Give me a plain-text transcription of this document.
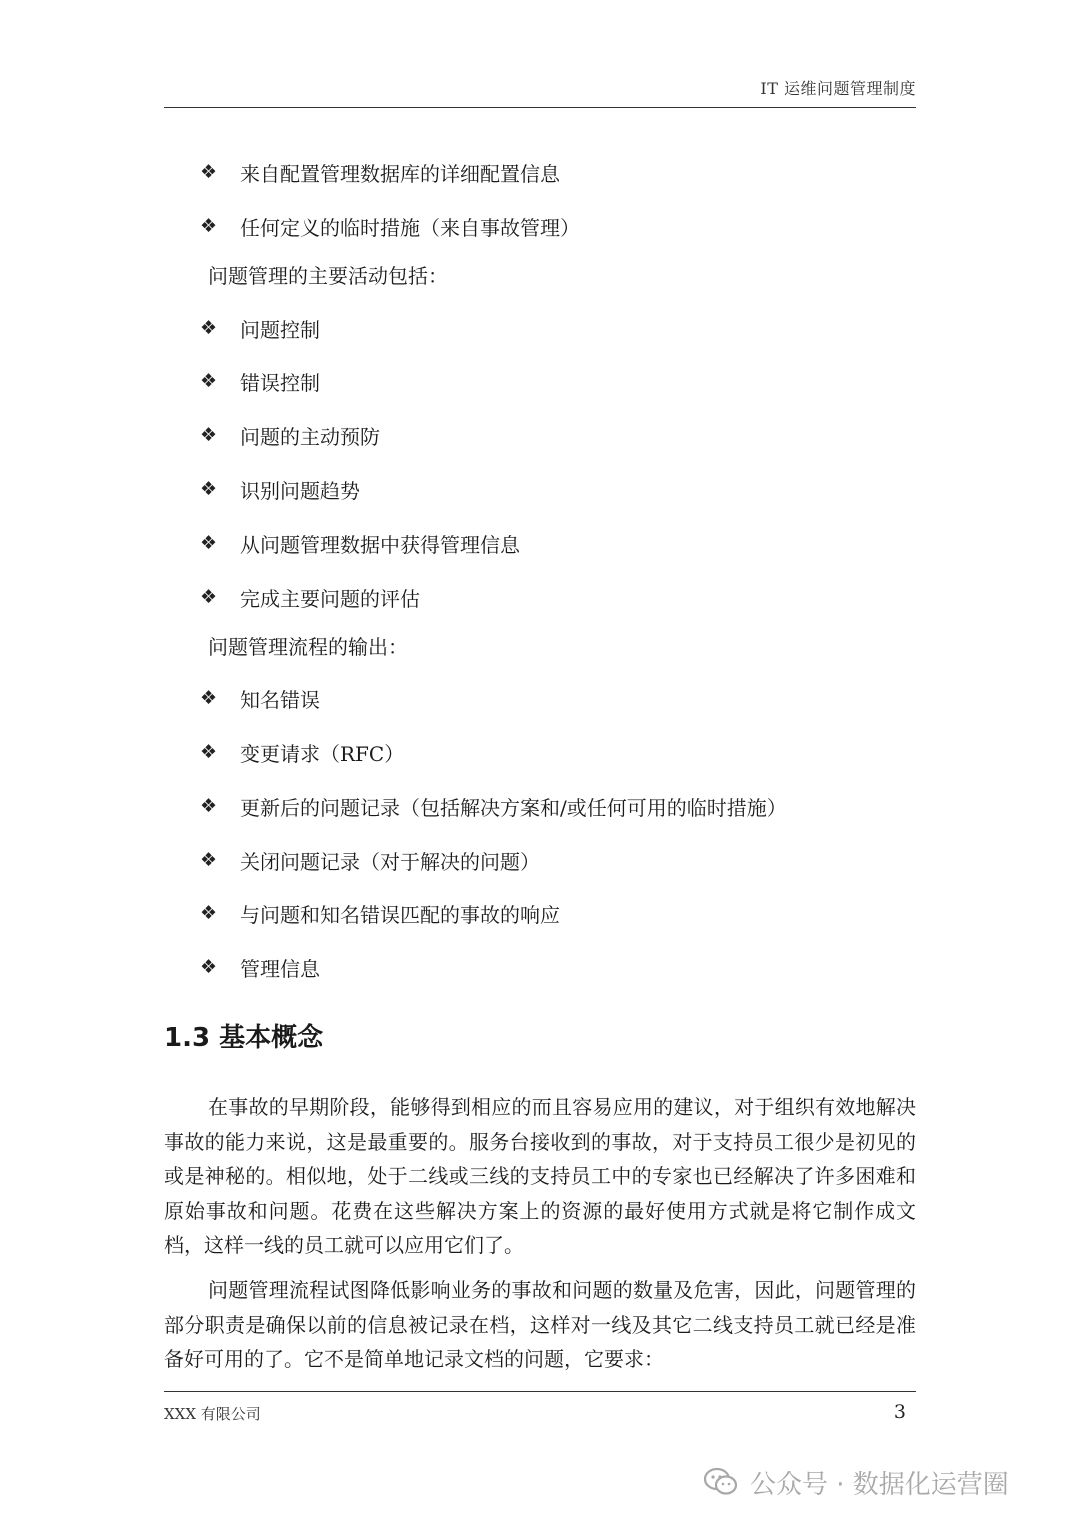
IT 运维问题管理制度
❖	来自配置管理数据库的详细配置信息
❖	任何定义的临时措施（来自事故管理）
问题管理的主要活动包括：
❖	问题控制
❖	错误控制
❖	问题的主动预防
❖	识别问题趋势
❖	从问题管理数据中获得管理信息
❖	完成主要问题的评估
问题管理流程的输出：
❖	知名错误
❖	变更请求（RFC）
❖	更新后的问题记录（包括解决方案和/或任何可用的临时措施）
❖	关闭问题记录（对于解决的问题）
❖	与问题和知名错误匹配的事故的响应
❖	管理信息
1.3 基本概念
在事故的早期阶段，能够得到相应的而且容易应用的建议，对于组织有效地解决事故的能力来说，这是最重要的。服务台接收到的事故，对于支持员工很少是初见的或是神秘的。相似地，处于二线或三线的支持员工中的专家也已经解决了许多困难和原始事故和问题。花费在这些解决方案上的资源的最好使用方式就是将它制作成文档，这样一线的员工就可以应用它们了。
问题管理流程试图降低影响业务的事故和问题的数量及危害，因此，问题管理的部分职责是确保以前的信息被记录在档，这样对一线及其它二线支持员工就已经是准备好可用的了。它不是简单地记录文档的问题，它要求：
XXX 有限公司	3
公众号 · 数据化运营圈
